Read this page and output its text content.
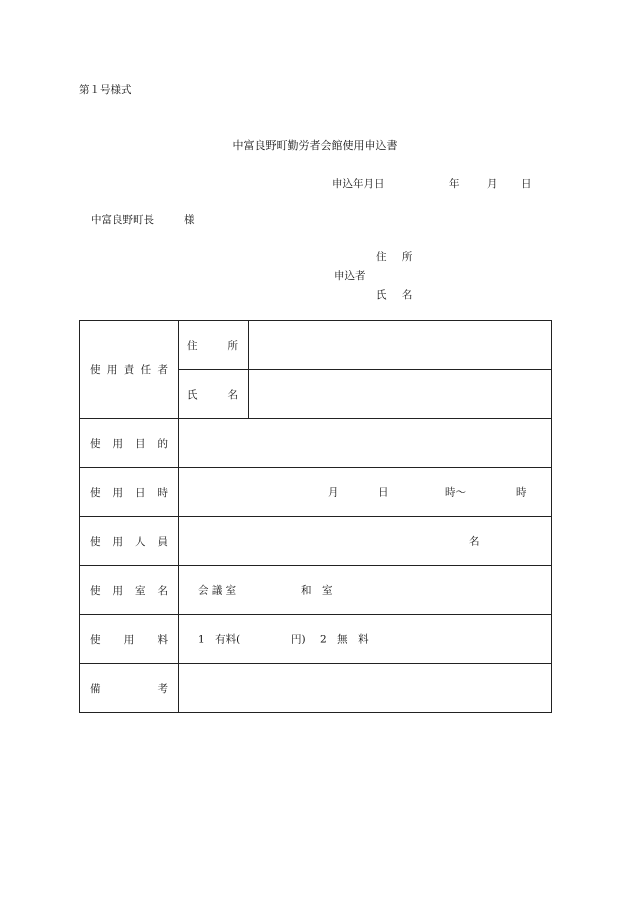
第１号様式
中富良野町勤労者会館使用申込書
申込年月日	年	月 日
中富良野町長	様
住 所
申込者
氏 名
使 用 責 任 者	住 所	

	氏 名	

使 用 目 的		

使 用 日 時	月 日 時～ 時	

使 用 人 員	名	

使 用 室 名	会 議 室 和　室	

使 用 料	1　有料( 円) 2　無　料	

備 考		
